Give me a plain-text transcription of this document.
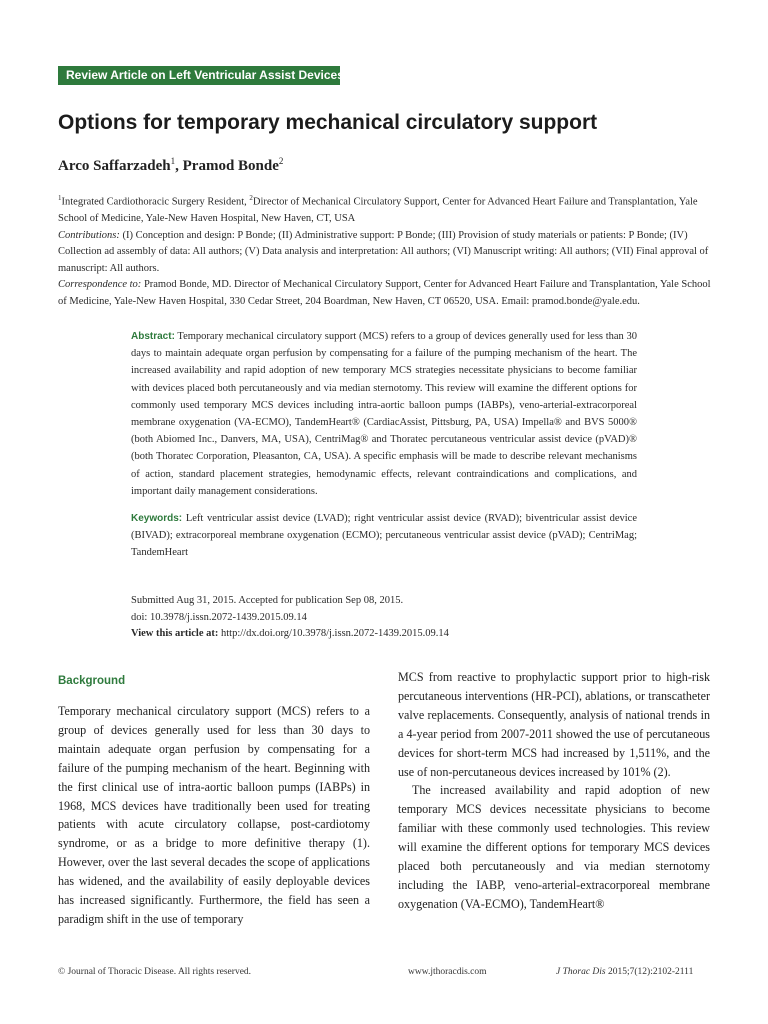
Review Article on Left Ventricular Assist Devices
Options for temporary mechanical circulatory support

Arco Saffarzadeh$^1$, Pramod Bonde$^2$

$^1$Integrated Cardiothoracic Surgery Resident, $^2$Director of Mechanical Circulatory Support, Center for Advanced Heart Failure and Transplantation, Yale School of Medicine, Yale-New Haven Hospital, New Haven, CT, USA

Contributions: (I) Conception and design: P Bonde; (II) Administrative support: P Bonde; (III) Provision of study materials or patients: P Bonde; (IV) Collection ad assembly of data: All authors; (V) Data analysis and interpretation: All authors; (VI) Manuscript writing: All authors; (VII) Final approval of manuscript: All authors.

Correspondence to: Pramod Bonde, MD. Director of Mechanical Circulatory Support, Center for Advanced Heart Failure and Transplantation, Yale School of Medicine, Yale-New Haven Hospital, 330 Cedar Street, 204 Boardman, New Haven, CT 06520, USA. Email: pramod.bonde@yale.edu.

Abstract: Temporary mechanical circulatory support (MCS) refers to a group of devices generally used for less than 30 days to maintain adequate organ perfusion by compensating for a failure of the pumping mechanism of the heart. The increased availability and rapid adoption of new temporary MCS strategies necessitate physicians to become familiar with devices placed both percutaneously and via median sternotomy. This review will examine the different options for commonly used temporary MCS devices including intra-aortic balloon pumps (IABPs), veno-arterial-extracorporeal membrane oxygenation (VA-ECMO), TandemHeart® (CardiacAssist, Pittsburg, PA, USA) Impella® and BVS 5000® (both Abiomed Inc., Danvers, MA, USA), CentriMag® and Thoratec percutaneous ventricular assist device (pVAD)® (both Thoratec Corporation, Pleasanton, CA, USA). A specific emphasis will be made to describe relevant mechanisms of action, standard placement strategies, hemodynamic effects, relevant contraindications and complications, and important daily management considerations.

Keywords: Left ventricular assist device (LVAD); right ventricular assist device (RVAD); biventricular assist device (BIVAD); extracorporeal membrane oxygenation (ECMO); percutaneous ventricular assist device (pVAD); CentriMag; TandemHeart

Submitted Aug 31, 2015. Accepted for publication Sep 08, 2015.

doi: 10.3978/j.issn.2072-1439.2015.09.14

View this article at: http://dx.doi.org/10.3978/j.issn.2072-1439.2015.09.14

Background

Temporary mechanical circulatory support (MCS) refers to a group of devices generally used for less than 30 days to maintain adequate organ perfusion by compensating for a failure of the pumping mechanism of the heart. Beginning with the first clinical use of intra-aortic balloon pumps (IABPs) in 1968, MCS devices have traditionally been used for treating patients with acute circulatory collapse, post-cardiotomy syndrome, or as a bridge to more definitive therapy (1). However, over the last several decades the scope of applications has widened, and the availability of easily deployable devices has increased significantly. Furthermore, the field has seen a paradigm shift in the use of temporary

MCS from reactive to prophylactic support prior to high-risk percutaneous interventions (HR-PCI), ablations, or transcatheter valve replacements. Consequently, analysis of national trends in a 4-year period from 2007-2011 showed the use of percutaneous devices for short-term MCS had increased by 1,511%, and the use of non-percutaneous devices increased by 101% (2).

The increased availability and rapid adoption of new temporary MCS devices necessitate physicians to become familiar with these commonly used technologies. This review will examine the different options for temporary MCS devices placed both percutaneously and via median sternotomy including the IABP, veno-arterial-extracorporeal membrane oxygenation (VA-ECMO), TandemHeart®

© Journal of Thoracic Disease. All rights reserved.	www.jthoracdis.com	J Thorac Dis 2015;7(12):2102-2111
